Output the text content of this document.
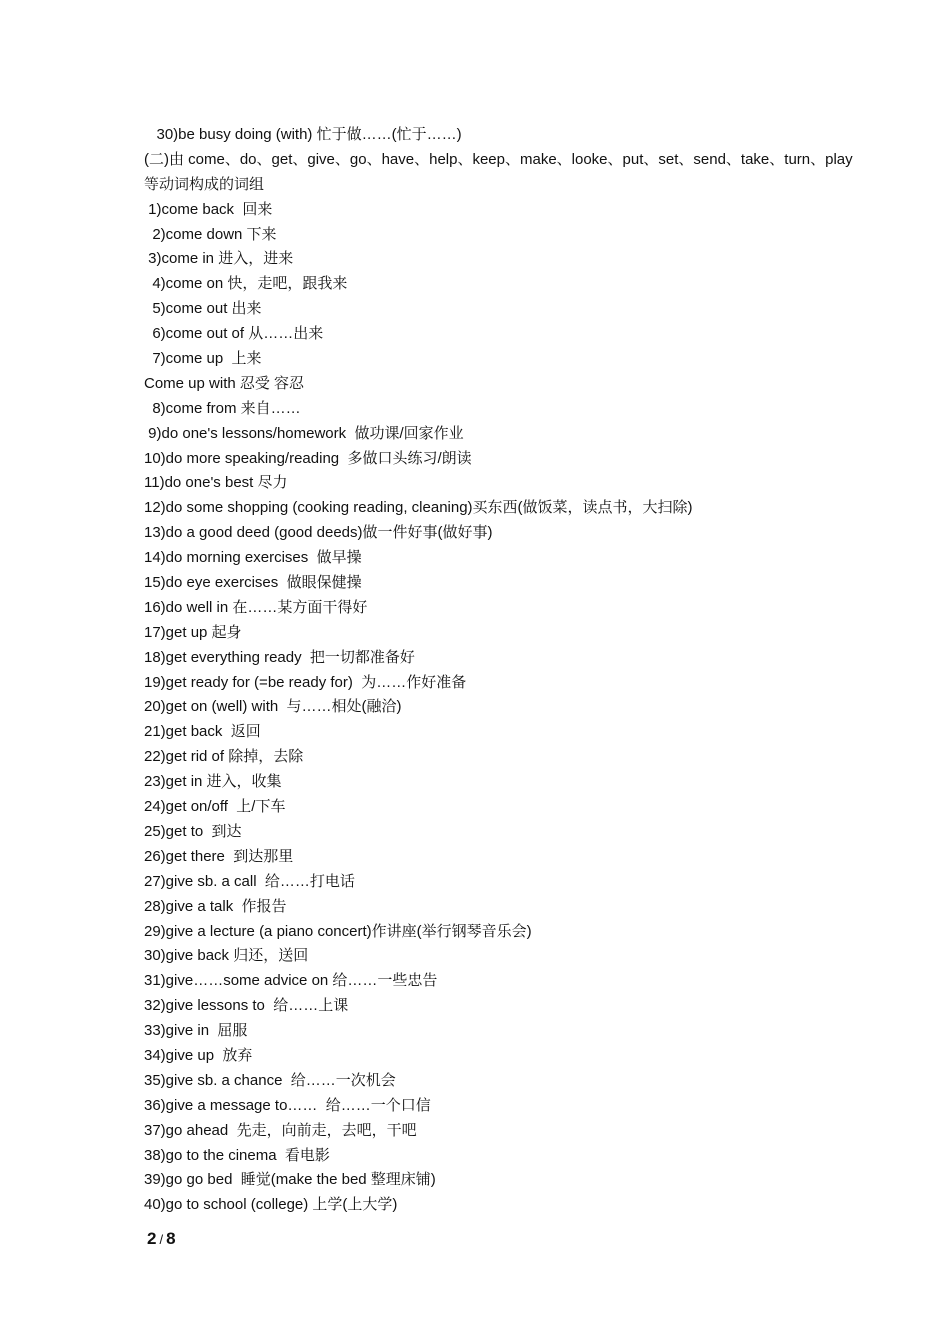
30)be busy doing (with) 忙于做……(忙于……)
(二)由 come、do、get、give、go、have、help、keep、make、looke、put、set、send、take、turn、play
等动词构成的词组
1)come back  回来
2)come down 下来
3)come in 进入，进来
4)come on 快，走吧，跟我来
5)come out 出来
6)come out of 从……出来
7)come up  上来
Come up with 忍受 容忍
8)come from 来自……
9)do one's lessons/homework  做功课/回家作业
10)do more speaking/reading  多做口头练习/朗读
11)do one's best 尽力
12)do some shopping (cooking reading, cleaning)买东西(做饭菜，读点书，大扫除)
13)do a good deed (good deeds)做一件好事(做好事)
14)do morning exercises  做早操
15)do eye exercises  做眼保健操
16)do well in 在……某方面干得好
17)get up 起身
18)get everything ready  把一切都准备好
19)get ready for (=be ready for)  为……作好准备
20)get on (well) with  与……相处(融洽)
21)get back  返回
22)get rid of 除掉，去除
23)get in 进入，收集
24)get on/off  上/下车
25)get to  到达
26)get there  到达那里
27)give sb. a call  给……打电话
28)give a talk  作报告
29)give a lecture (a piano concert)作讲座(举行钢琴音乐会)
30)give back 归还，送回
31)give……some advice on 给……一些忠告
32)give lessons to  给……上课
33)give in  屈服
34)give up  放弃
35)give sb. a chance  给……一次机会
36)give a message to……  给……一个口信
37)go ahead  先走，向前走，去吧，干吧
38)go to the cinema  看电影
39)go go bed  睡觉(make the bed 整理床铺)
40)go to school (college) 上学(上大学)
2 / 8
